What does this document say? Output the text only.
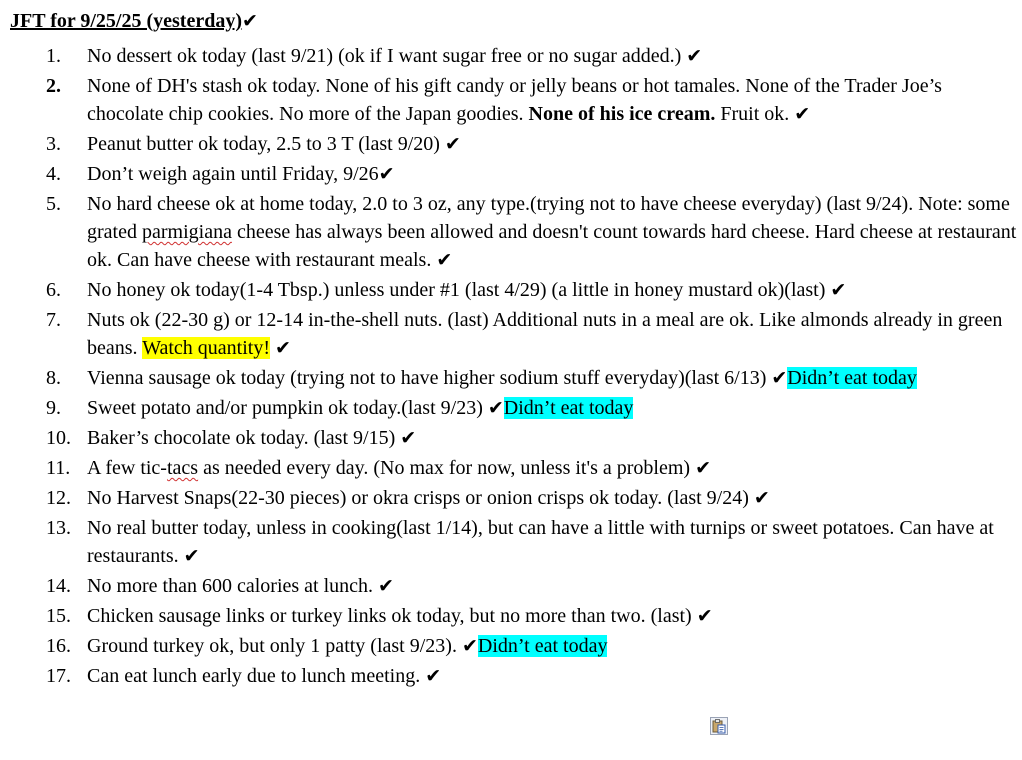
JFT for 9/25/25 (yesterday)✔
1.	No dessert ok today (last 9/21) (ok if I want sugar free or no sugar added.) ✔
2.	None of DH's stash ok today. None of his gift candy or jelly beans or hot tamales. None of the Trader Joe’s chocolate chip cookies. No more of the Japan goodies. None of his ice cream. Fruit ok. ✔
3.	Peanut butter ok today, 2.5 to 3 T (last 9/20) ✔
4.	Don’t weigh again until Friday, 9/26✔
5.	No hard cheese ok at home today, 2.0 to 3 oz, any type.(trying not to have cheese everyday) (last 9/24). Note: some grated parmigiana cheese has always been allowed and doesn't count towards hard cheese. Hard cheese at restaurant ok. Can have cheese with restaurant meals. ✔
6.	No honey ok today(1-4 Tbsp.) unless under #1 (last 4/29) (a little in honey mustard ok)(last) ✔
7.	Nuts ok (22-30 g) or 12-14 in-the-shell nuts. (last) Additional nuts in a meal are ok. Like almonds already in green beans. Watch quantity! ✔
8.	Vienna sausage ok today (trying not to have higher sodium stuff everyday)(last 6/13) ✔Didn’t eat today
9.	Sweet potato and/or pumpkin ok today.(last 9/23) ✔Didn’t eat today
10. Baker’s chocolate ok today. (last 9/15) ✔
11. A few tic-tacs as needed every day. (No max for now, unless it's a problem) ✔
12. No Harvest Snaps(22-30 pieces) or okra crisps or onion crisps ok today. (last 9/24) ✔
13. No real butter today, unless in cooking(last 1/14), but can have a little with turnips or sweet potatoes. Can have at restaurants. ✔
14. No more than 600 calories at lunch. ✔
15. Chicken sausage links or turkey links ok today, but no more than two. (last) ✔
16. Ground turkey ok, but only 1 patty (last 9/23). ✔Didn’t eat today
17. Can eat lunch early due to lunch meeting. ✔
